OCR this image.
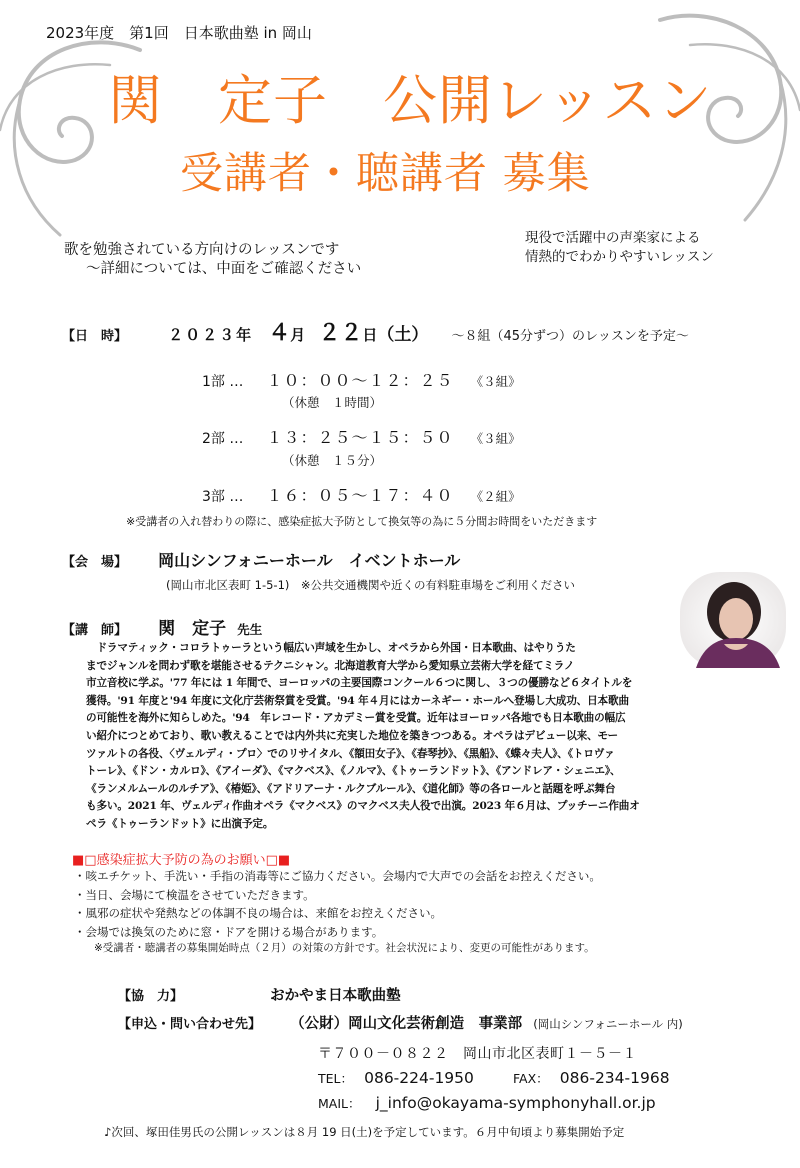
2023年度　第1回　日本歌曲塾 in 岡山
関　定子　公開レッスン
受講者・聴講者 募集
歌を勉強されている方向けのレッスンです
～詳細については、中面をご確認ください
現役で活躍中の声楽家による
情熱的でわかりやすいレッスン
【日　時】	２０２３年 ４月 ２２日（土） ～８組（45分ずつ）のレッスンを予定～
1部 … １０：００～１２：２５ 《３組》
（休憩　１時間）
2部 … １３：２５～１５：５０ 《３組》
（休憩　１５分）
3部 … １６：０５～１７：４０ 《２組》
※受講者の入れ替わりの際に、感染症拡大予防として換気等の為に５分間お時間をいただきます
【会　場】 岡山シンフォニーホール　イベントホール
(岡山市北区表町 1-5-1)　※公共交通機関や近くの有料駐車場をご利用ください
【講　師】 関　定子 先生
　ドラマティック・コロラトゥーラという幅広い声域を生かし、オペラから外国・日本歌曲、はやりうた
までジャンルを問わず歌を堪能させるテクニシャン。北海道教育大学から愛知県立芸術大学を経てミラノ
市立音校に学ぶ。'77 年には 1 年間で、ヨーロッパの主要国際コンクール６つに関し、３つの優勝など６タイトルを
獲得。'91 年度と'94 年度に文化庁芸術祭賞を受賞。'94 年４月にはカーネギー・ホールへ登場し大成功、日本歌曲
の可能性を海外に知らしめた。'94　年レコード・アカデミー賞を受賞。近年はヨーロッパ各地でも日本歌曲の幅広
い紹介につとめており、歌い教えることでは内外共に充実した地位を築きつつある。オペラはデビュー以来、モー
ツァルトの各役、〈ヴェルディ・プロ〉でのリサイタル、《額田女子》、《春琴抄》、《黒船》、《蝶々夫人》、《トロヴァ
トーレ》、《ドン・カルロ》、《アイーダ》、《マクベス》、《ノルマ》、《トゥーランドット》、《アンドレア・シェニエ》、
《ランメルムールのルチア》、《椿姫》、《アドリアーナ・ルクブルール》、《道化師》等の各ロールと話題を呼ぶ舞台
も多い。2021 年、ヴェルディ作曲オペラ《マクベス》のマクベス夫人役で出演。2023 年６月は、プッチーニ作曲オ
ペラ《トゥーランドット》に出演予定。
■□感染症拡大予防の為のお願い□■
・咳エチケット、手洗い・手指の消毒等にご協力ください。会場内で大声での会話をお控えください。
・当日、会場にて検温をさせていただきます。
・風邪の症状や発熱などの体調不良の場合は、来館をお控えください。
・会場では換気のために窓・ドアを開ける場合があります。
※受講者・聴講者の募集開始時点（２月）の対策の方針です。社会状況により、変更の可能性があります。
【協　力】	おかやま日本歌曲塾
【申込・問い合わせ先】 （公財）岡山文化芸術創造　事業部 (岡山シンフォニーホール 内)
〒７００－０８２２　岡山市北区表町１－５－１
TEL： 086-224-1950	FAX： 086-234-1968
MAIL： j_info@okayama-symphonyhall.or.jp
♪次回、塚田佳男氏の公開レッスンは８月 19 日(土)を予定しています。６月中旬頃より募集開始予定
